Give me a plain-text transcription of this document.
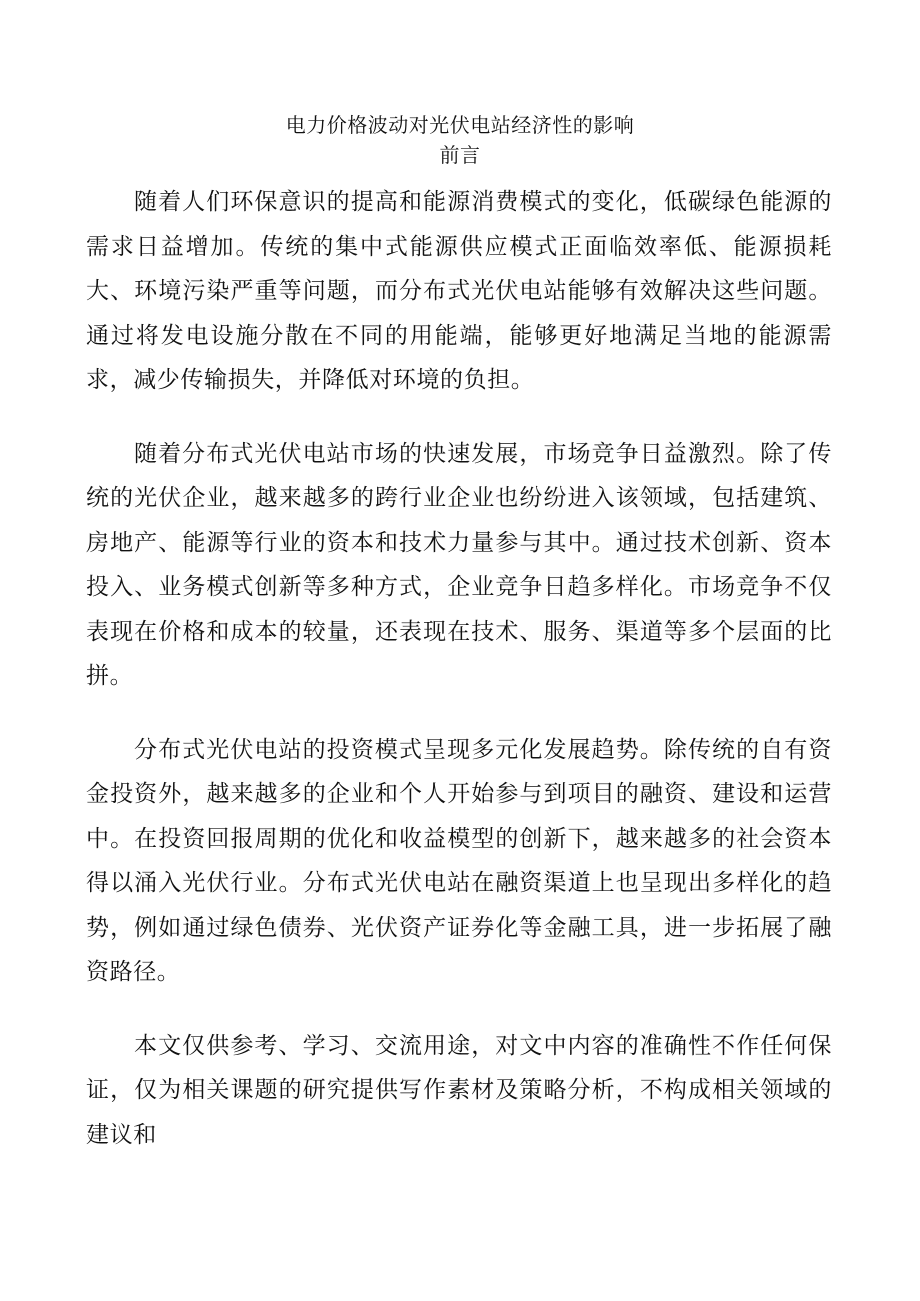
电力价格波动对光伏电站经济性的影响
前言

随着人们环保意识的提高和能源消费模式的变化，低碳绿色能源的需求日益增加。传统的集中式能源供应模式正面临效率低、能源损耗大、环境污染严重等问题，而分布式光伏电站能够有效解决这些问题。通过将发电设施分散在不同的用能端，能够更好地满足当地的能源需求，减少传输损失，并降低对环境的负担。

随着分布式光伏电站市场的快速发展，市场竞争日益激烈。除了传统的光伏企业，越来越多的跨行业企业也纷纷进入该领域，包括建筑、房地产、能源等行业的资本和技术力量参与其中。通过技术创新、资本投入、业务模式创新等多种方式，企业竞争日趋多样化。市场竞争不仅表现在价格和成本的较量，还表现在技术、服务、渠道等多个层面的比拼。

分布式光伏电站的投资模式呈现多元化发展趋势。除传统的自有资金投资外，越来越多的企业和个人开始参与到项目的融资、建设和运营中。在投资回报周期的优化和收益模型的创新下，越来越多的社会资本得以涌入光伏行业。分布式光伏电站在融资渠道上也呈现出多样化的趋势，例如通过绿色债券、光伏资产证券化等金融工具，进一步拓展了融资路径。

本文仅供参考、学习、交流用途，对文中内容的准确性不作任何保证，仅为相关课题的研究提供写作素材及策略分析，不构成相关领域的建议和
